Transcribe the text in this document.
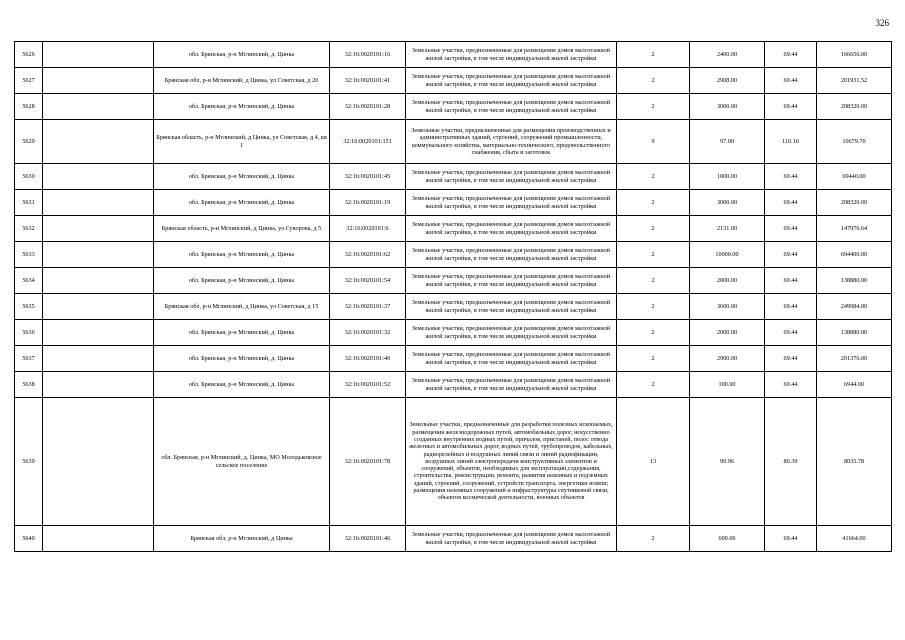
326
5626		обл. Брянская, р-н Мглинский, д. Цинка	32:16:0020101:16	Земельные участки, предназначенные для размещения домов малоэтажной жилой застройки, в том числе индивидуальной жилой застройки	2	2400.00	69.44	166656.00
5627		Брянская обл, р-н Мглинский, д Цинка, ул Советская, д 20	32:16:0020101:41	Земельные участки, предназначенные для размещения домов малоэтажной жилой застройки, в том числе индивидуальной жилой застройки	2	2908.00	69.44	201931.52
5628		обл. Брянская, р-н Мглинский, д. Цинка	32:16:0020101:28	Земельные участки, предназначенные для размещения домов малоэтажной жилой застройки, в том числе индивидуальной жилой застройки	2	3000.00	69.44	208320.00
5629		Брянская область, р-н Мглинский, д Цинка, ул Советская, д 4, кв 1	32:16:0020101:151	Земельные участки, предназначенные для размещения производственных и административных зданий, строений, сооружений промышленности, коммунального хозяйства, материально-технического, продовольственного снабжения, сбыта и заготовок	9	97.00	110.10	10679.70
5630		обл. Брянская, р-н Мглинский, д. Цинка	32:16:0020101:45	Земельные участки, предназначенные для размещения домов малоэтажной жилой застройки, в том числе индивидуальной жилой застройки	2	1000.00	69.44	69440.00
5631		обл. Брянская, р-н Мглинский, д. Цинка	32:16:0020101:19	Земельные участки, предназначенные для размещения домов малоэтажной жилой застройки, в том числе индивидуальной жилой застройки	2	3000.00	69.44	208320.00
5632		Брянская область, р-н Мглинский, д Цинка, ул Суворова, д 5	32:16:0020101:6	Земельные участки, предназначенные для размещения домов малоэтажной жилой застройки, в том числе индивидуальной жилой застройки	2	2131.00	69.44	147976.64
5633		обл. Брянская, р-н Мглинский, д. Цинка	32:16:0020101:62	Земельные участки, предназначенные для размещения домов малоэтажной жилой застройки, в том числе индивидуальной жилой застройки	2	10000.00	69.44	694400.00
5634		обл. Брянская, р-н Мглинский, д. Цинка	32:16:0020101:54	Земельные участки, предназначенные для размещения домов малоэтажной жилой застройки, в том числе индивидуальной жилой застройки	2	2000.00	69.44	138880.00
5635		Брянская обл, р-н Мглинский, д Цинка, ул Советская, д 15	32:16:0020101:37	Земельные участки, предназначенные для размещения домов малоэтажной жилой застройки, в том числе индивидуальной жилой застройки	2	3600.00	69.44	249984.00
5636		обл. Брянская, р-н Мглинский, д. Цинка	32:16:0020101:32	Земельные участки, предназначенные для размещения домов малоэтажной жилой застройки, в том числе индивидуальной жилой застройки	2	2000.00	69.44	138880.00
5637		обл. Брянская, р-н Мглинский, д. Цинка	32:16:0020101:40	Земельные участки, предназначенные для размещения домов малоэтажной жилой застройки, в том числе индивидуальной жилой застройки	2	2900.00	69.44	201376.00
5638		обл. Брянская, р-н Мглинский, д. Цинка	32:16:0020101:52	Земельные участки, предназначенные для размещения домов малоэтажной жилой застройки, в том числе индивидуальной жилой застройки	2	100.00	69.44	6944.00
5639		обл. Брянская, р-н Мглинский, д. Цинка, МО Молодьковское сельское поселение	32:16:0020101:78	Земельные участки, предназначенные для разработки полезных ископаемых, размещения железнодорожных путей, автомобильных дорог, искусственно созданных внутренних водных путей, причалов, пристаней, полос отвода железных и автомобильных дорог, водных путей, трубопроводов, кабельных, радиорелейных и воздушных линий связи и линий радиофикации, воздушных линий электропередачи конструктивных элементов и сооружений, объектов, необходимых для эксплуатации,содержания, строительства, реконструкции, ремонта, развития наземных и подземных зданий, строений, сооружений, устройств транспорта, энергетики исвязи; размещения наземных сооружений и инфраструктуры спутниковой связи, объектов космической деятельности, военных объектов	13	99.96	80.39	8035.78
5640		Брянская обл, р-н Мглинский, д Цинка	32:16:0020101:46	Земельные участки, предназначенные для размещения домов малоэтажной жилой застройки, в том числе индивидуальной жилой застройки	2	600.00	69.44	41664.00
